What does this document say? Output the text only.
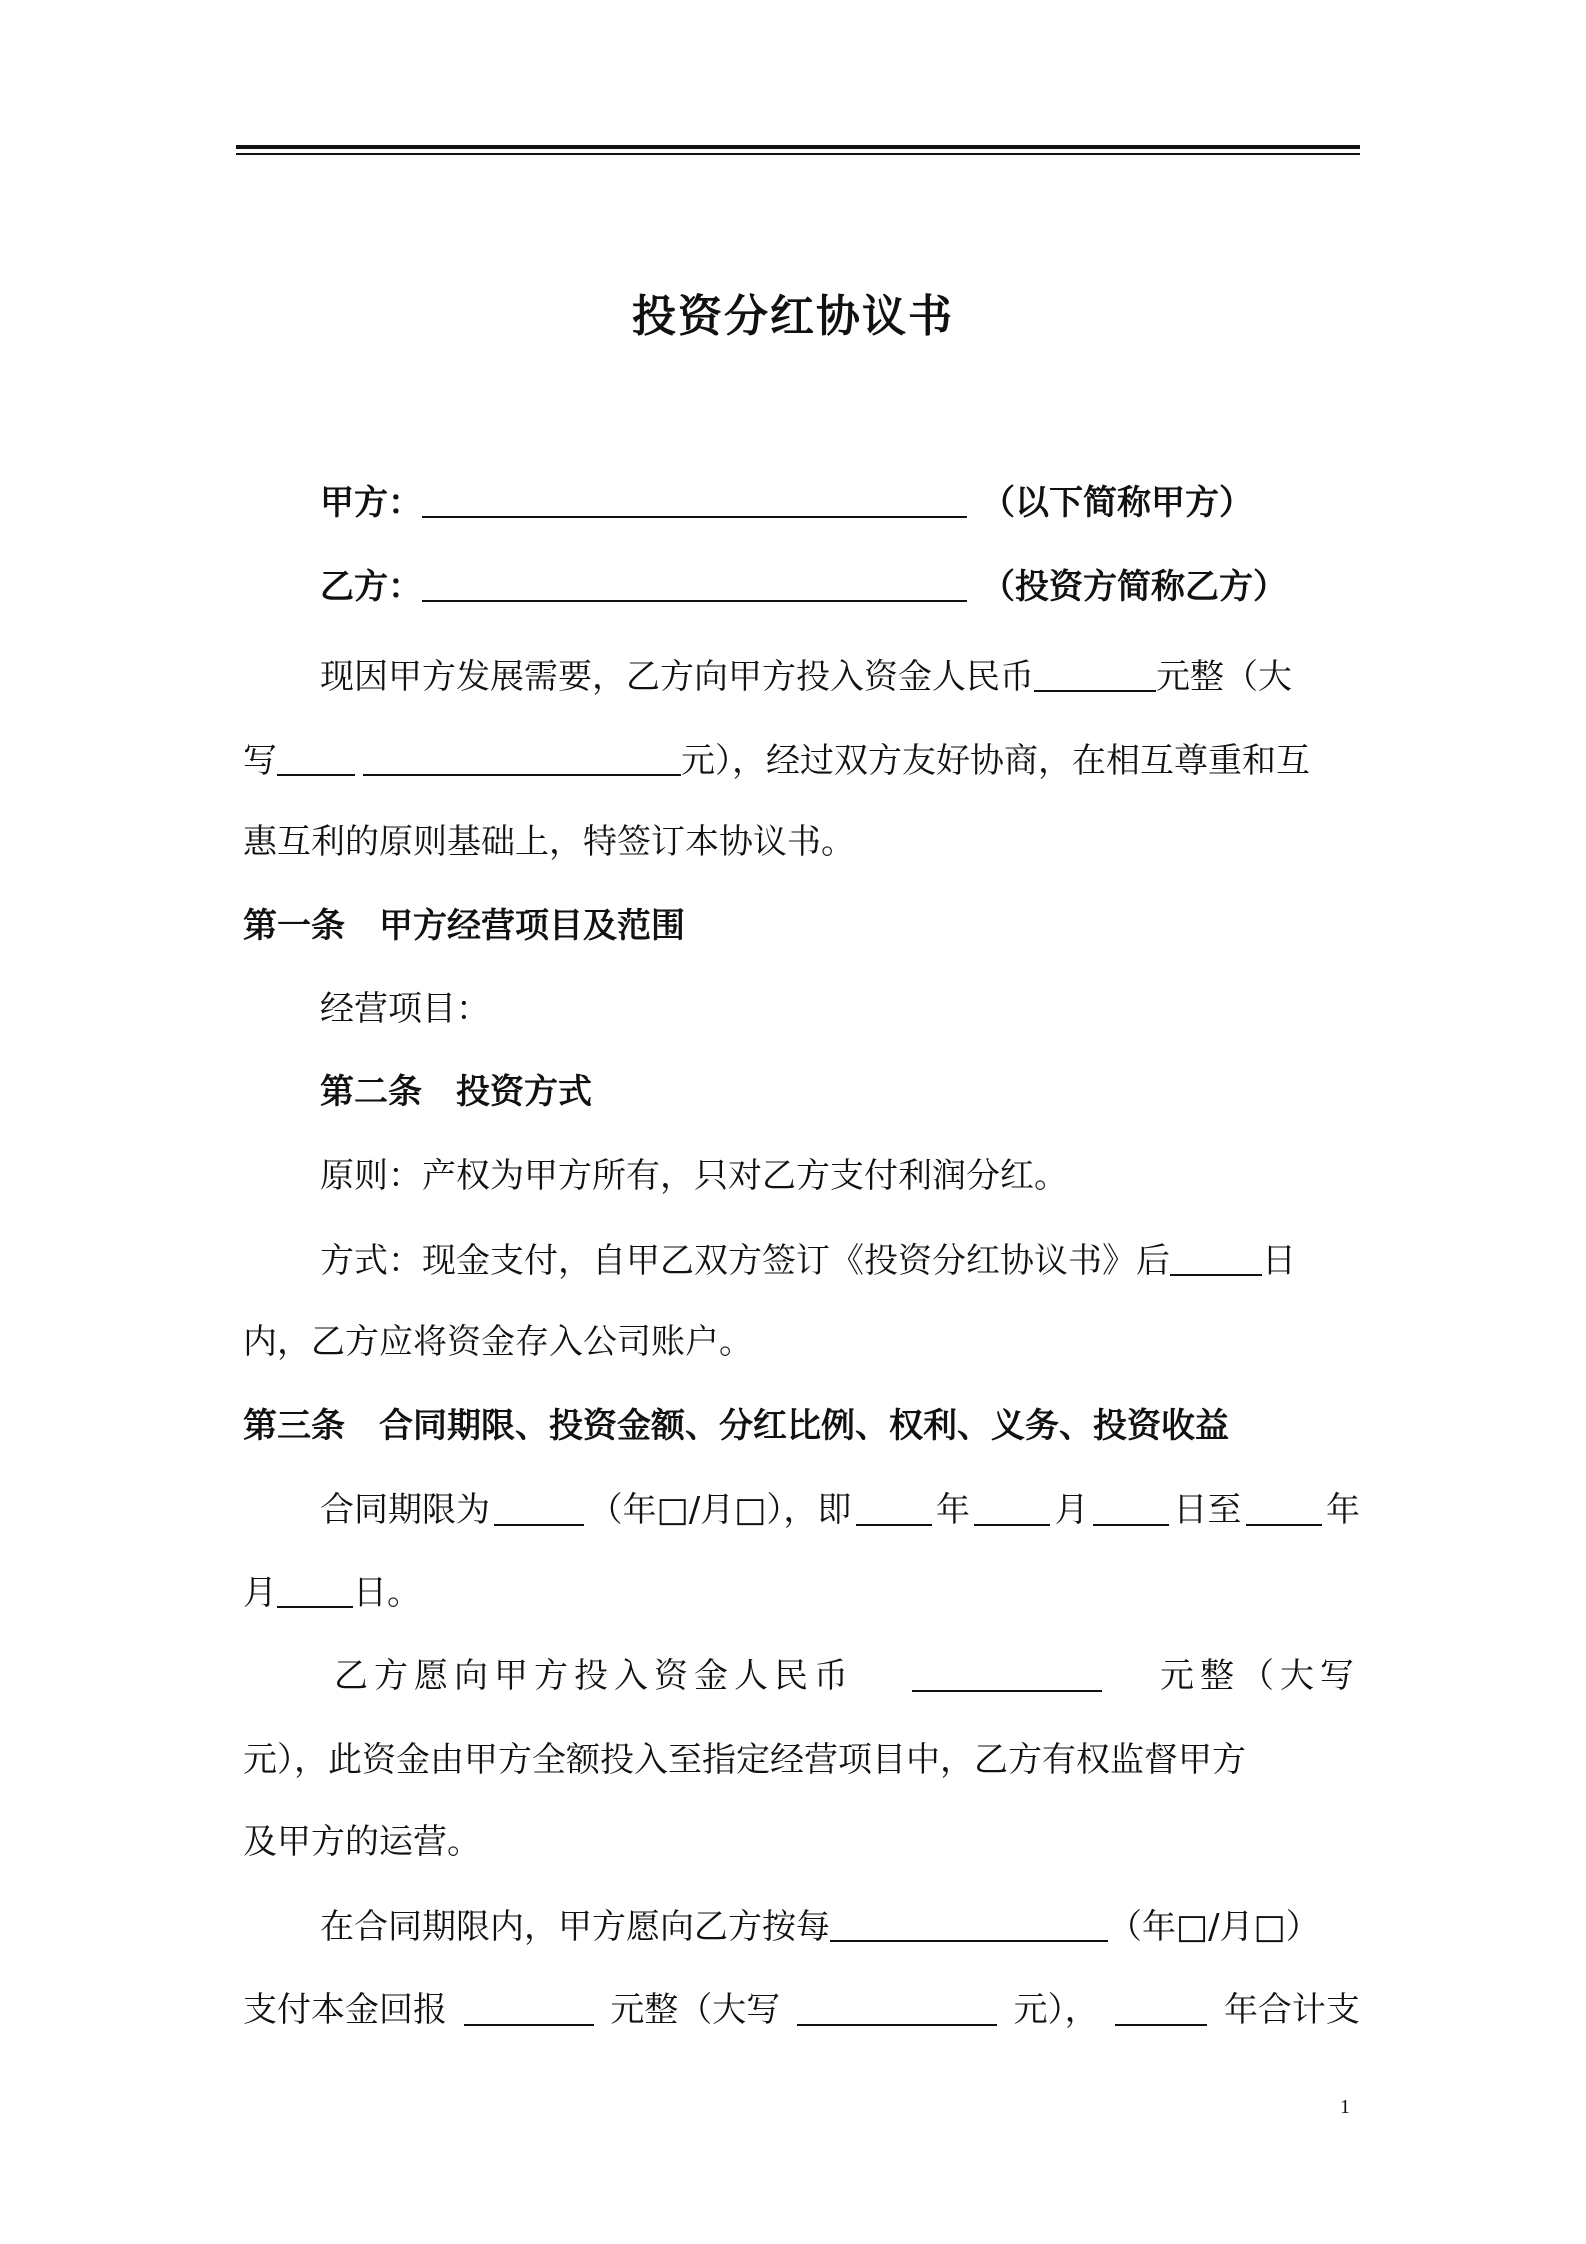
投资分红协议书
甲方：	（以下简称甲方）
乙方：	（投资方简称乙方）
现因甲方发展需要，乙方向甲方投入资金人民币	元整（大
写	元），经过双方友好协商，在相互尊重和互
惠互利的原则基础上，特签订本协议书。
第一条　甲方经营项目及范围
经营项目：
第二条　投资方式
原则：产权为甲方所有，只对乙方支付利润分红。
方式：现金支付，自甲乙双方签订《投资分红协议书》后	日
内，乙方应将资金存入公司账户。
第三条　合同期限、投资金额、分红比例、权利、义务、投资收益
合同期限为	（年□/月□），即 年 月 日至 年
月 日。
乙方愿向甲方投入资金人民币	元整（大写
元），此资金由甲方全额投入至指定经营项目中，乙方有权监督甲方
及甲方的运营。
在合同期限内，甲方愿向乙方按每	（年□/月□）
支付本金回报	元整（大写	元），	年合计支
1
